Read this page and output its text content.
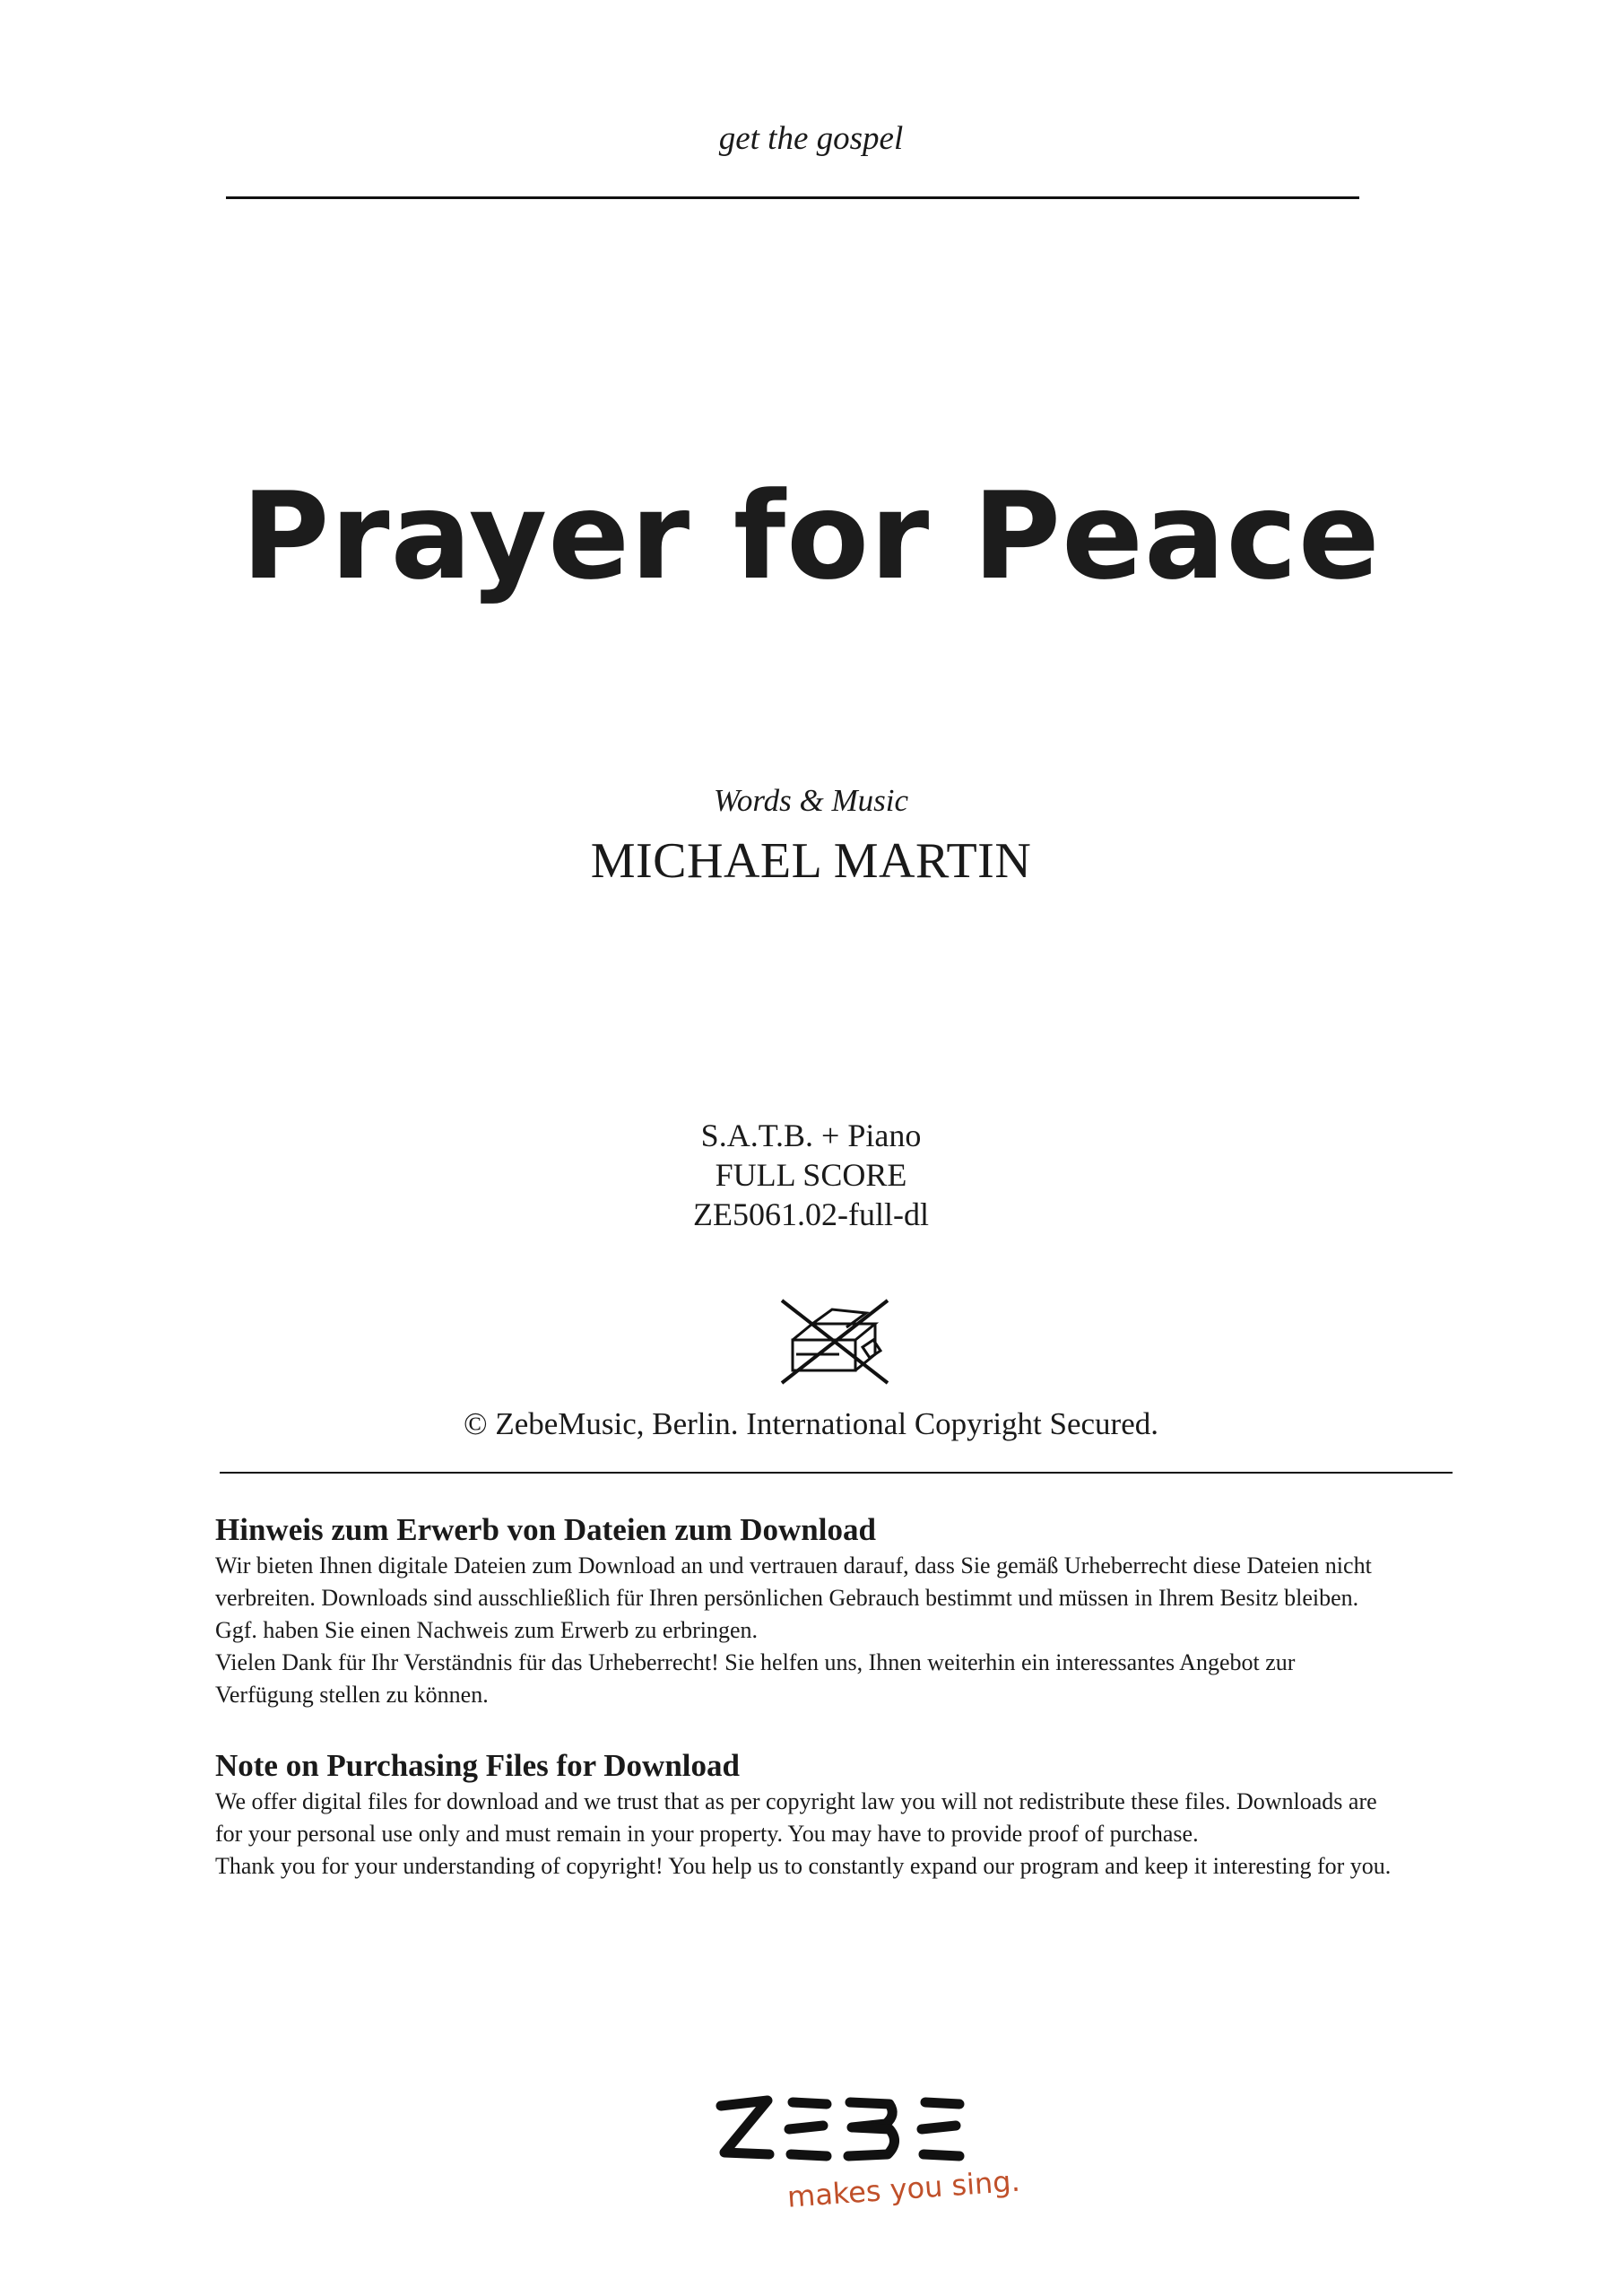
get the gospel
Prayer for Peace
Words & Music
MICHAEL MARTIN
S.A.T.B. + Piano
FULL SCORE
ZE5061.02-full-dl
© ZebeMusic, Berlin. International Copyright Secured.
Hinweis zum Erwerb von Dateien zum Download

Wir bieten Ihnen digitale Dateien zum Download an und vertrauen darauf, dass Sie gemäß Urheberrecht diese Dateien nicht

verbreiten. Downloads sind ausschließlich für Ihren persönlichen Gebrauch bestimmt und müssen in Ihrem Besitz bleiben.

Ggf. haben Sie einen Nachweis zum Erwerb zu erbringen.

Vielen Dank für Ihr Verständnis für das Urheberrecht! Sie helfen uns, Ihnen weiterhin ein interessantes Angebot zur

Verfügung stellen zu können.

Note on Purchasing Files for Download

We offer digital files for download and we trust that as per copyright law you will not redistribute these files. Downloads are

for your personal use only and must remain in your property. You may have to provide proof of purchase.

Thank you for your understanding of copyright! You help us to constantly expand our program and keep it interesting for you.

makes you sing.
